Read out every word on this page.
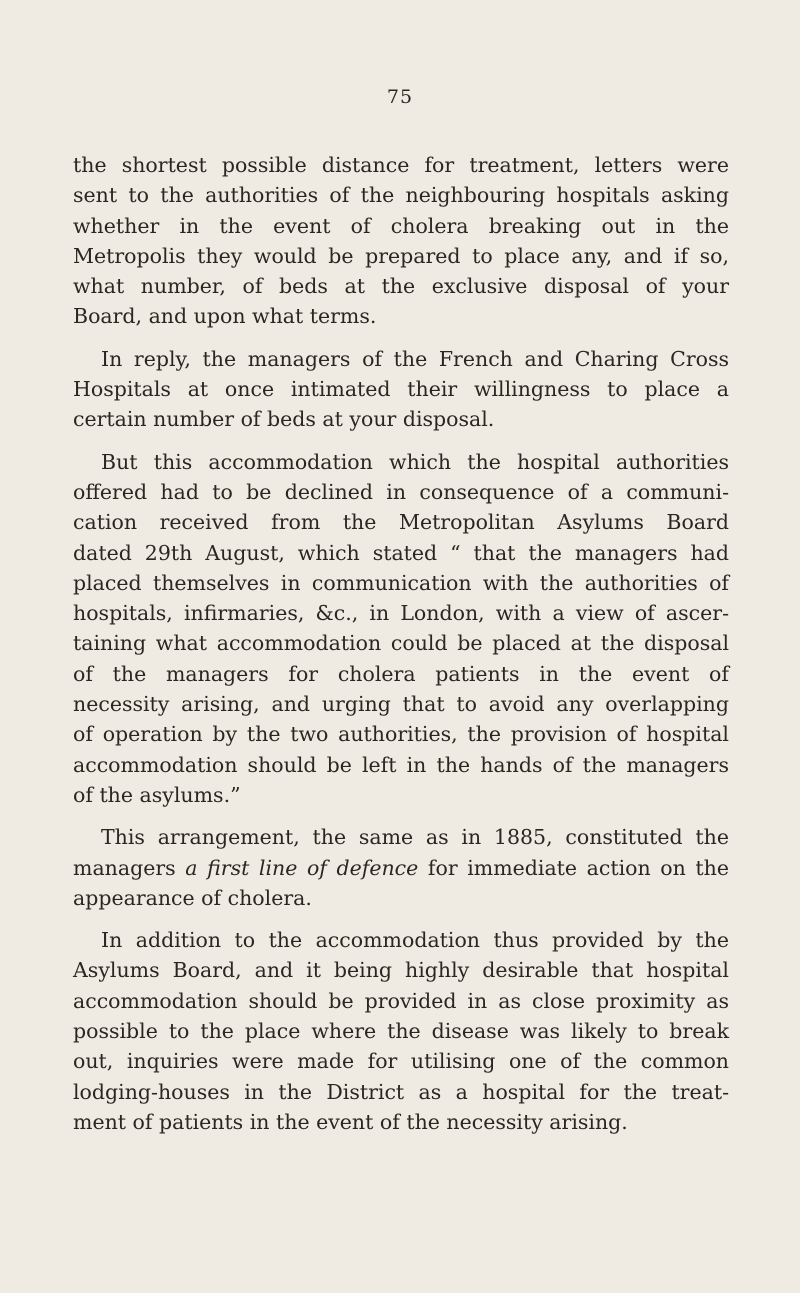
75
the shortest possible distance for treatment, letters were
sent to the authorities of the neighbouring hospitals asking
whether in the event of cholera breaking out in the
Metropolis they would be prepared to place any, and if so,
what number, of beds at the exclusive disposal of your
Board, and upon what terms.
In reply, the managers of the French and Charing Cross
Hospitals at once intimated their willingness to place a
certain number of beds at your disposal.
But this accommodation which the hospital authorities
offered had to be declined in consequence of a communi-
cation received from the Metropolitan Asylums Board
dated 29th August, which stated “ that the managers had
placed themselves in communication with the authorities of
hospitals, infirmaries, &c., in London, with a view of ascer-
taining what accommodation could be placed at the disposal
of the managers for cholera patients in the event of
necessity arising, and urging that to avoid any overlapping
of operation by the two authorities, the provision of hospital
accommodation should be left in the hands of the managers
of the asylums.”
This arrangement, the same as in 1885, constituted the
managers a first line of defence for immediate action on the
appearance of cholera.
In addition to the accommodation thus provided by the
Asylums Board, and it being highly desirable that hospital
accommodation should be provided in as close proximity as
possible to the place where the disease was likely to break
out, inquiries were made for utilising one of the common
lodging-houses in the District as a hospital for the treat-
ment of patients in the event of the necessity arising.
